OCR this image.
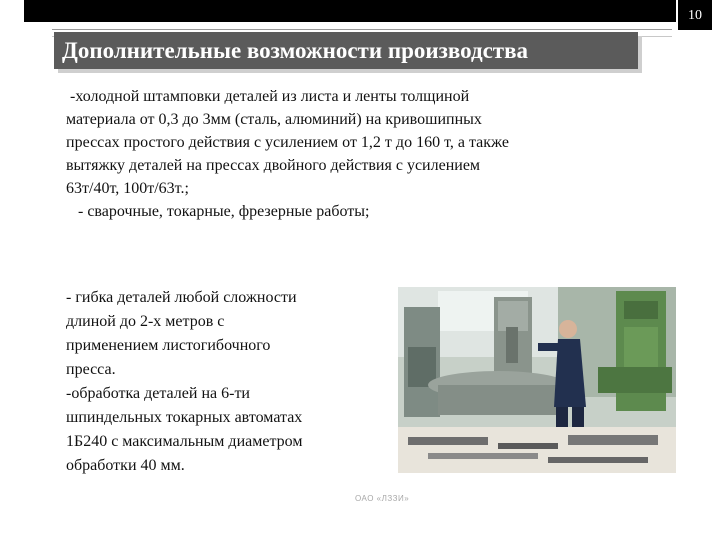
10
Дополнительные возможности производства

-холодной штамповки деталей из листа и ленты толщиной

материала от 0,3 до 3мм (сталь, алюминий) на кривошипных

прессах простого действия с усилением от 1,2 т до 160 т, а также

вытяжку деталей на прессах двойного действия с усилением

63т/40т, 100т/63т.;

- сварочные, токарные, фрезерные работы;

- гибка деталей любой сложности

длиной до 2-х метров с

применением листогибочного

пресса.

-обработка деталей на 6-ти

шпиндельных токарных автоматах

1Б240 с максимальным диаметром

обработки 40 мм.

ОАО «ЛЗЗИ»
